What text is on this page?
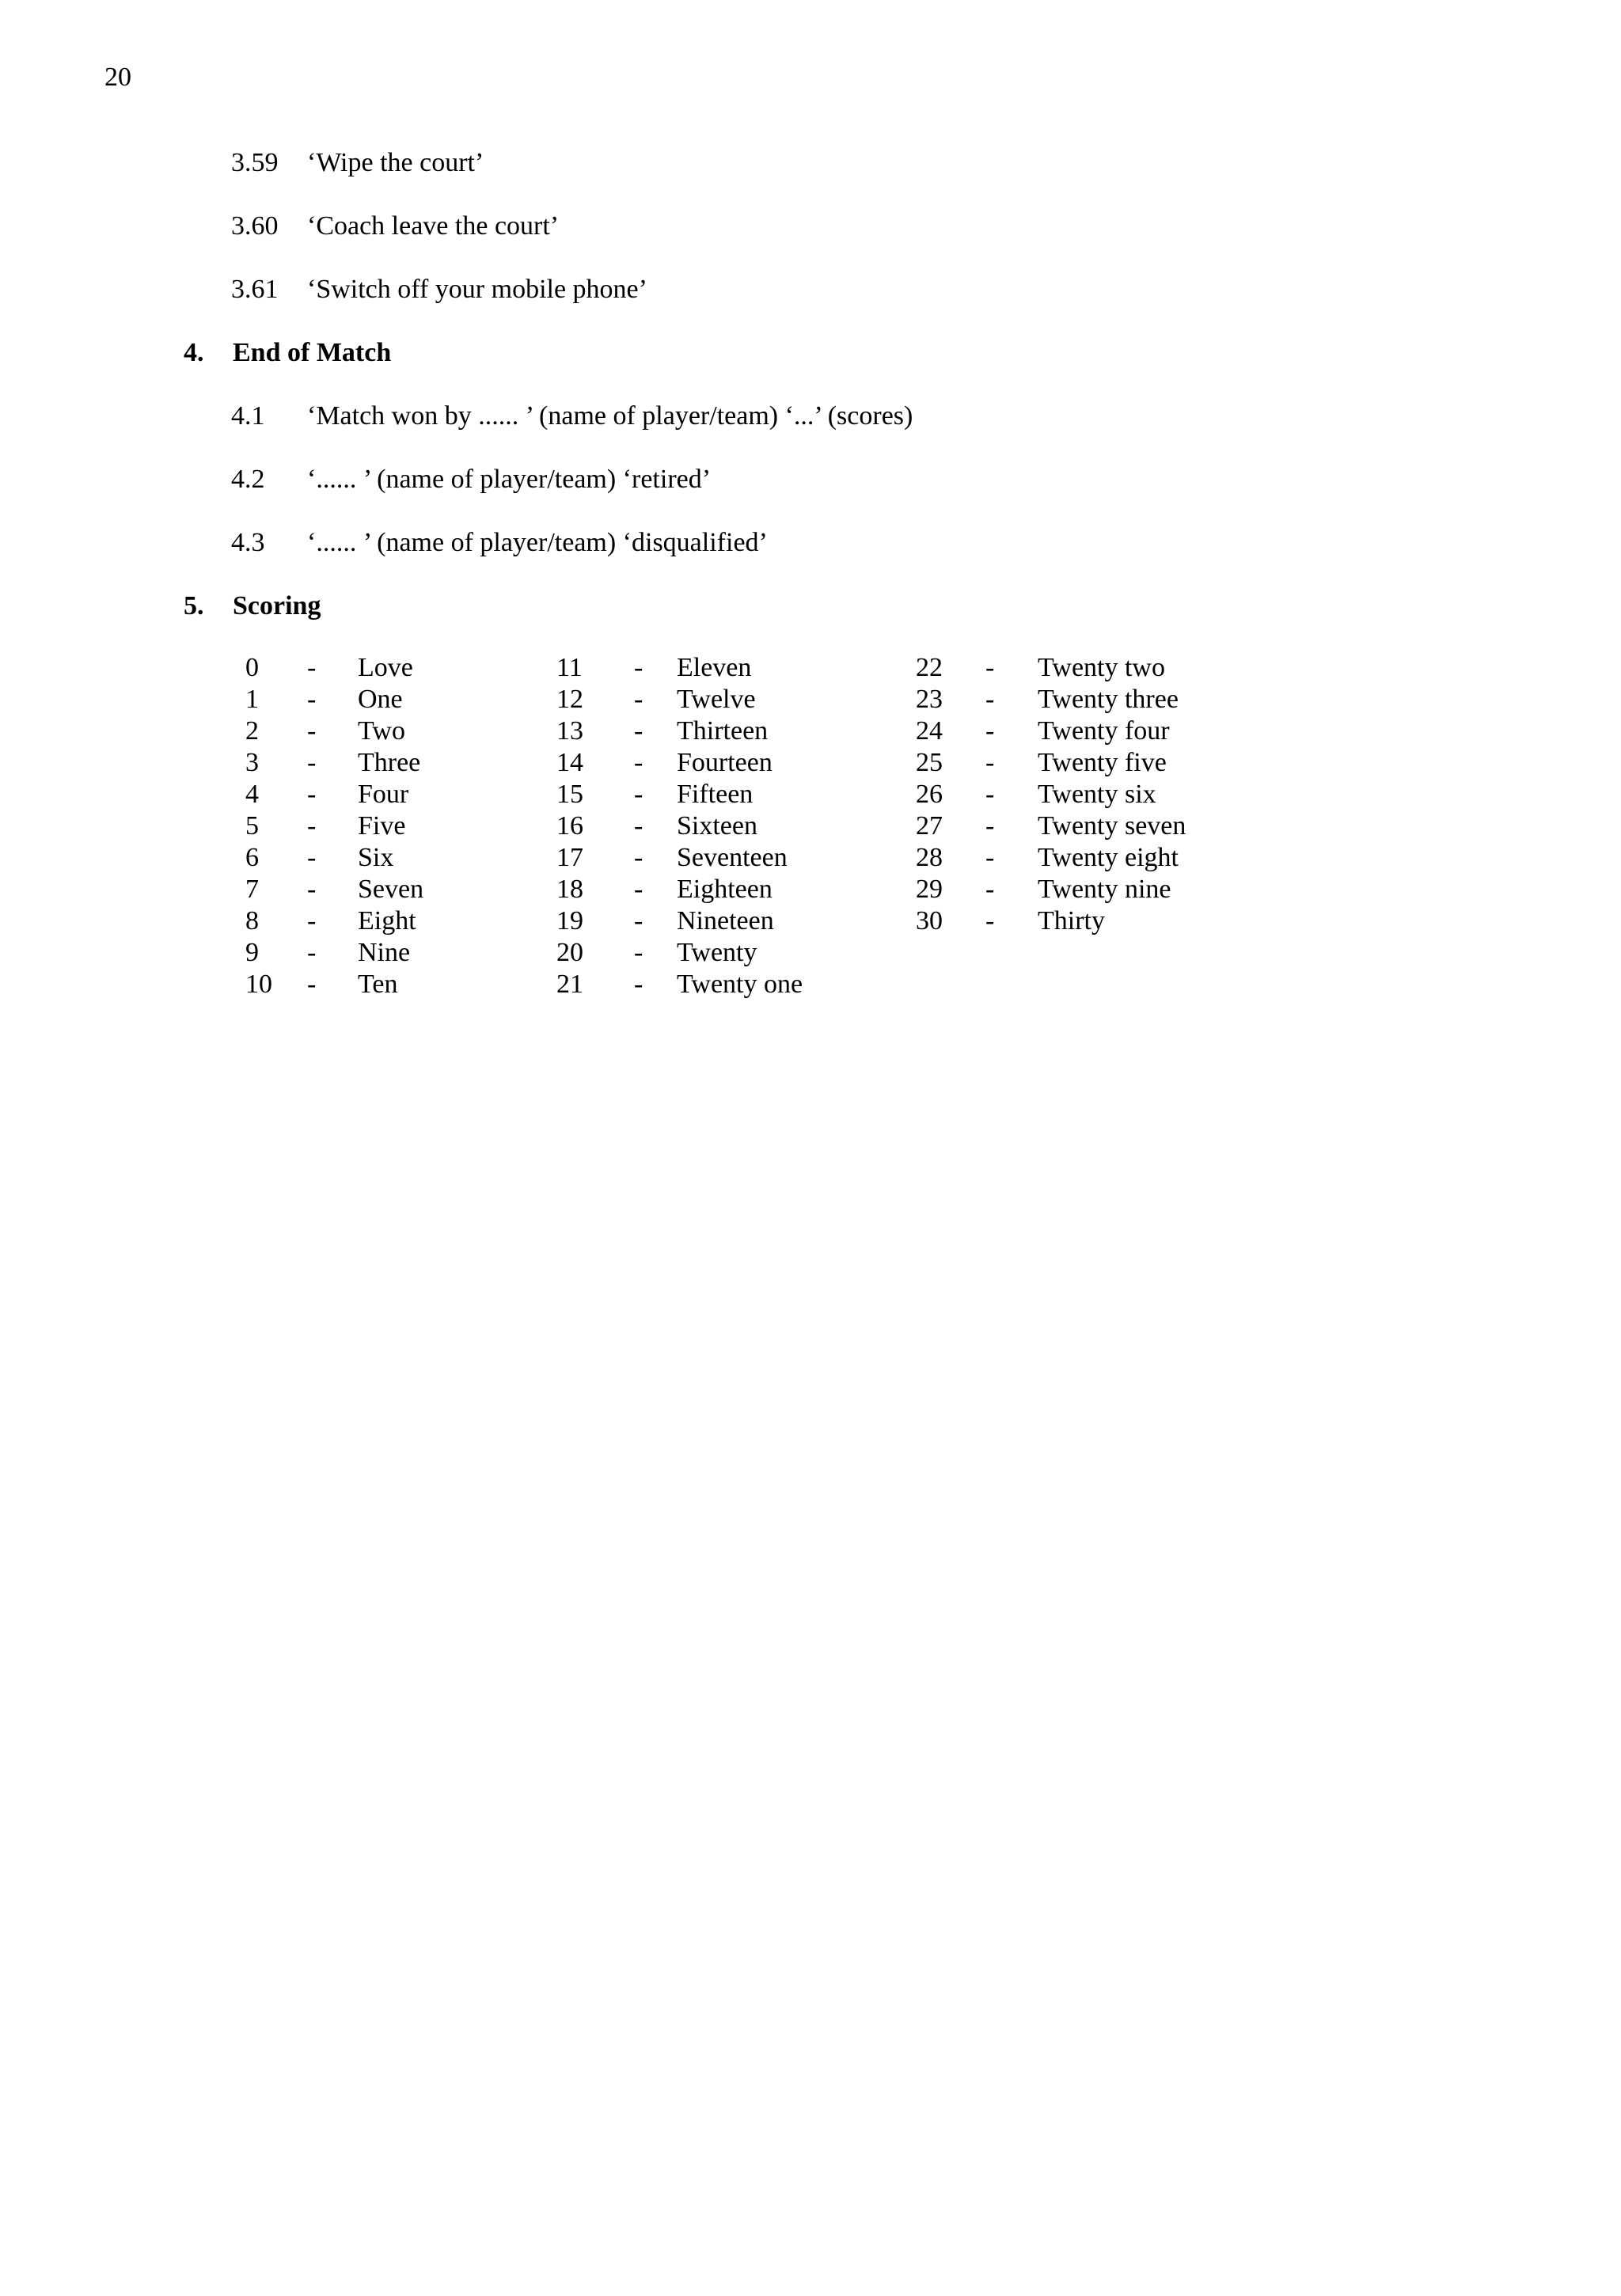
20
3.59 ‘Wipe the court’
3.60 ‘Coach leave the court’
3.61 ‘Switch off your mobile phone’
4. End of Match
4.1 ‘Match won by ...... ’ (name of player/team) ‘...’ (scores)
4.2 ‘...... ’ (name of player/team) ‘retired’
4.3 ‘...... ’ (name of player/team) ‘disqualified’
5. Scoring
0 - Love
1 - One
2 - Two
3 - Three
4 - Four
5 - Five
6 - Six
7 - Seven
8 - Eight
9 - Nine
10 - Ten
11 - Eleven
12 - Twelve
13 - Thirteen
14 - Fourteen
15 - Fifteen
16 - Sixteen
17 - Seventeen
18 - Eighteen
19 - Nineteen
20 - Twenty
21 - Twenty one
22 - Twenty two
23 - Twenty three
24 - Twenty four
25 - Twenty five
26 - Twenty six
27 - Twenty seven
28 - Twenty eight
29 - Twenty nine
30 - Thirty
